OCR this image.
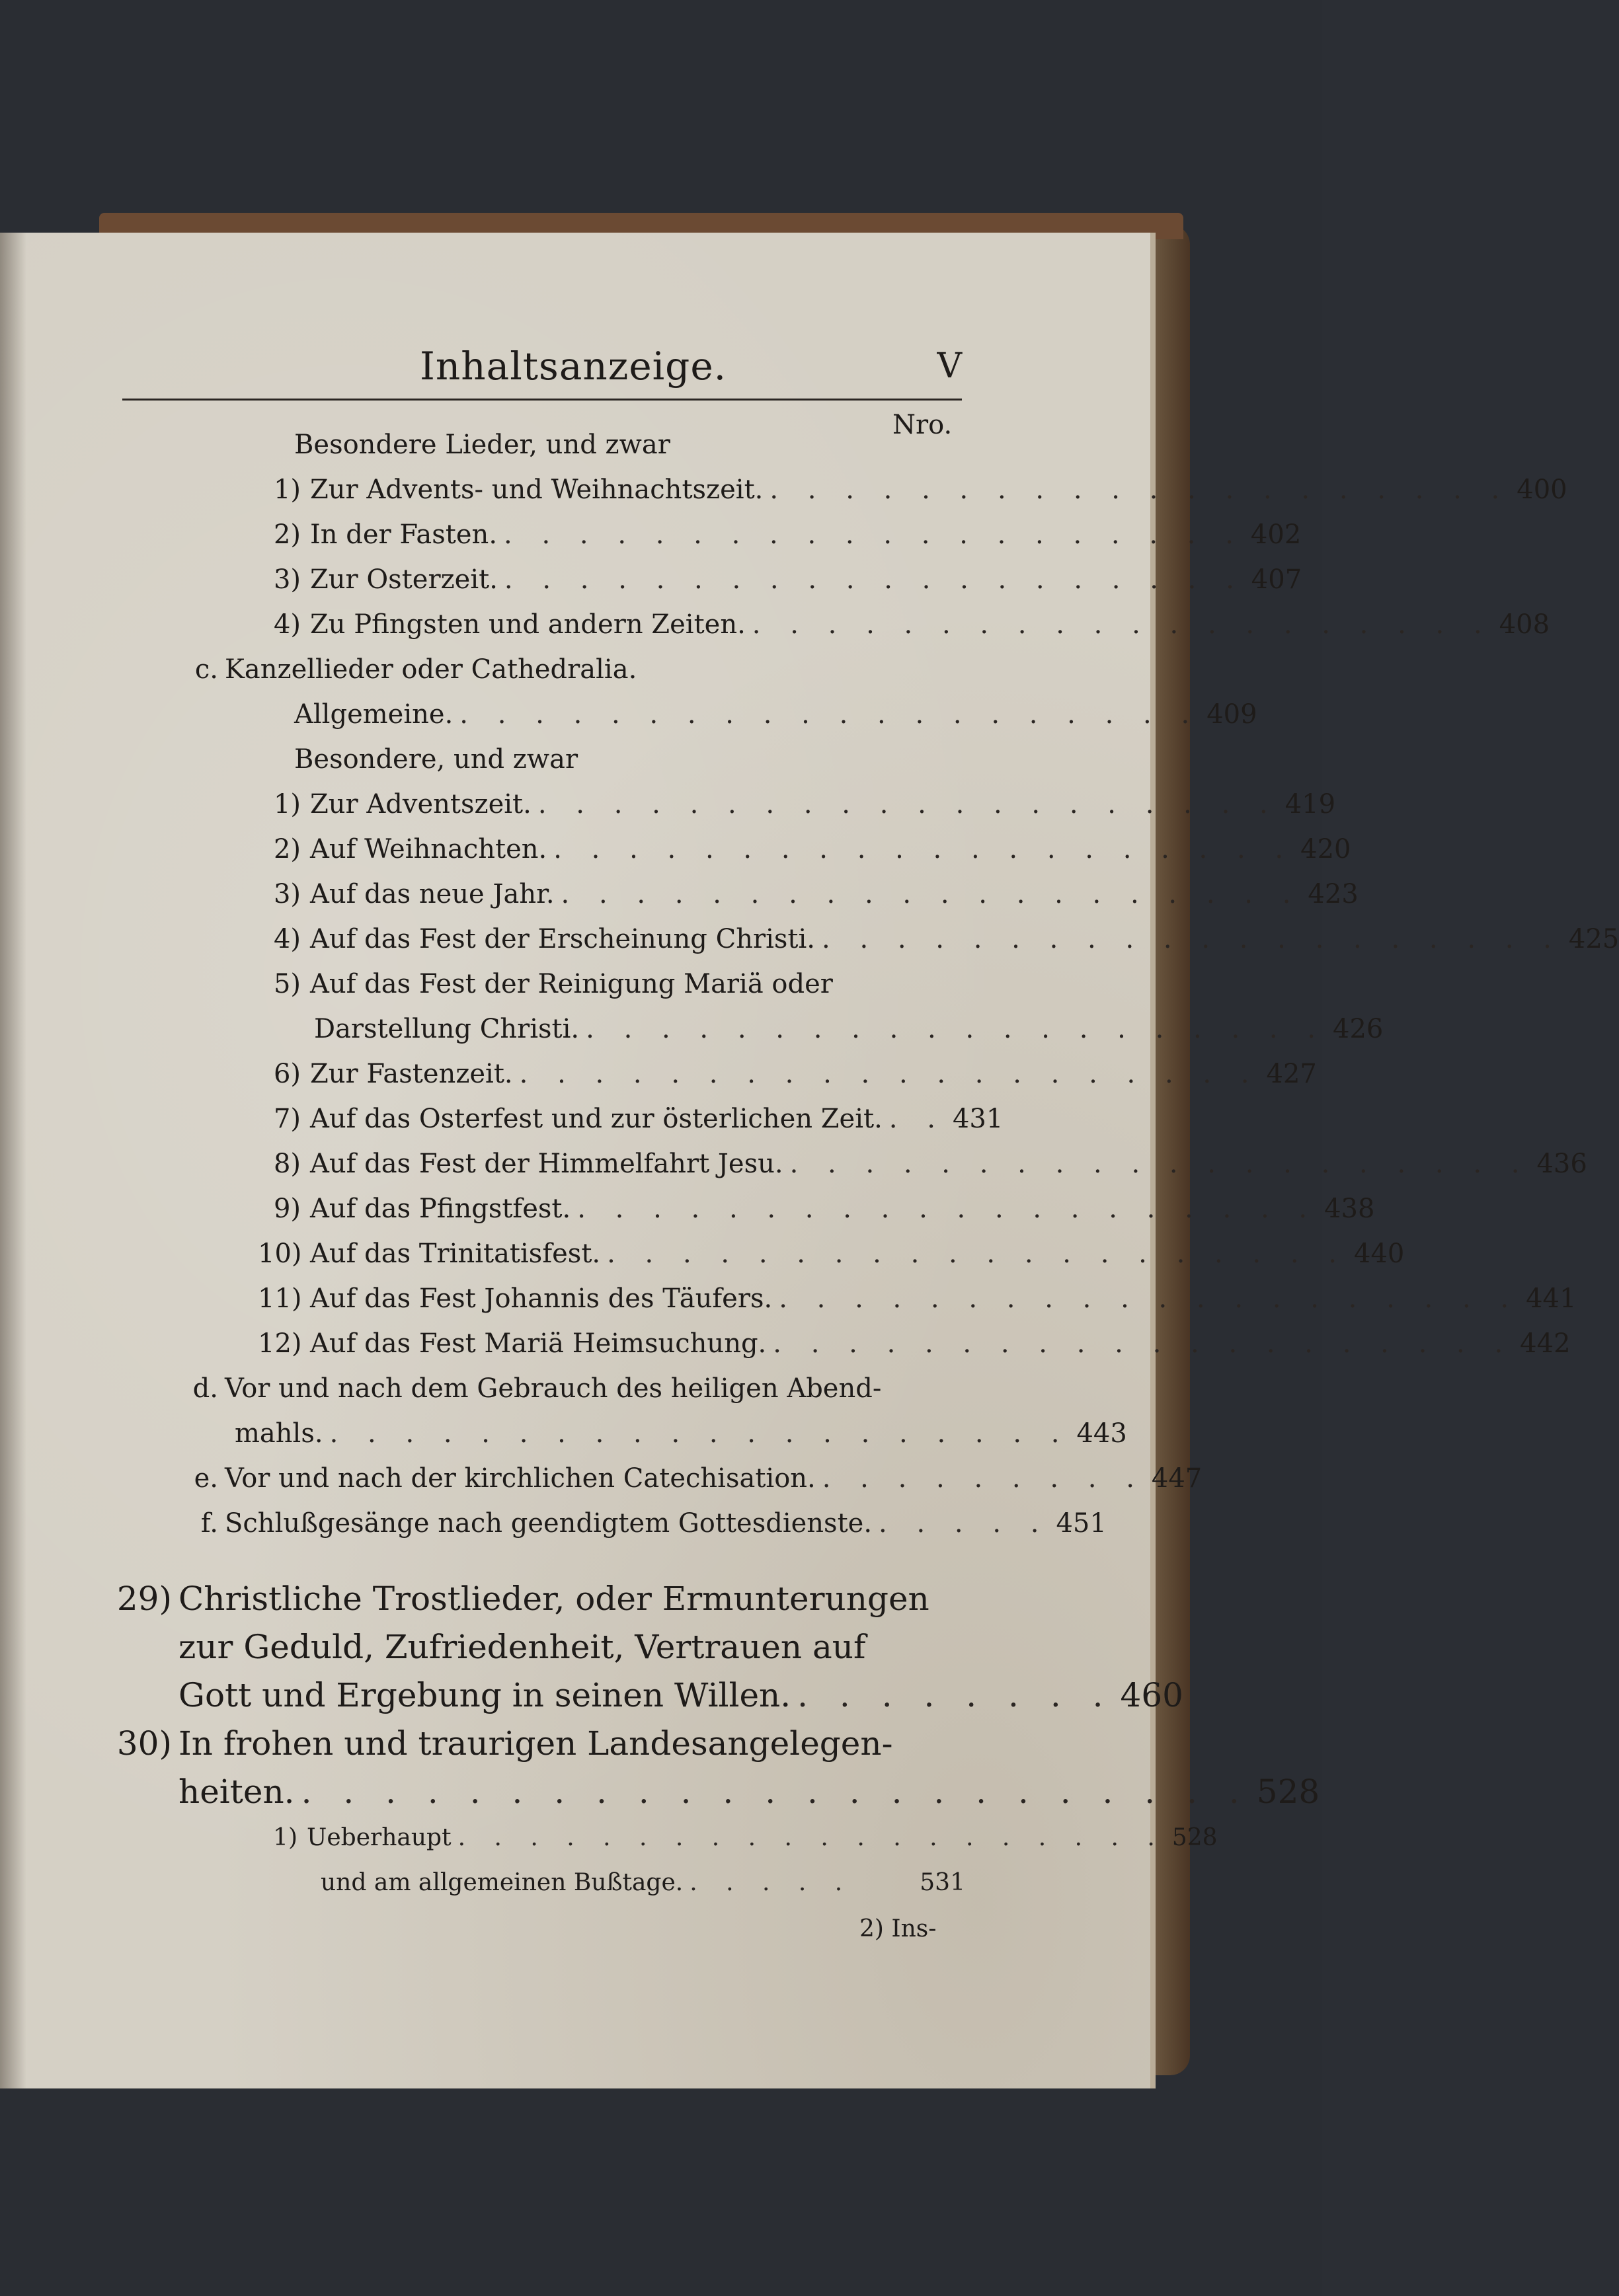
Inhaltsanzeige.	V
Nro.
Besondere Lieder, und zwar
1) Zur Advents- und Weihnachtszeit. . . . . . . . . . . . . . . . . . . . . 400
2) In der Fasten. . . . . . . . . . . . . . . . . . . . . 402
3) Zur Osterzeit. . . . . . . . . . . . . . . . . . . . . 407
4) Zu Pfingsten und andern Zeiten. . . . . . . . . . . . . . . . . . . . . 408
c. Kanzellieder oder Cathedralia.
Allgemeine. . . . . . . . . . . . . . . . . . . . . 409
Besondere, und zwar
1) Zur Adventszeit. . . . . . . . . . . . . . . . . . . . . 419
2) Auf Weihnachten. . . . . . . . . . . . . . . . . . . . . 420
3) Auf das neue Jahr. . . . . . . . . . . . . . . . . . . . . 423
4) Auf das Fest der Erscheinung Christi. . . . . . . . . . . . . . . . . . . . . 425
5) Auf das Fest der Reinigung Mariä oder
Darstellung Christi. . . . . . . . . . . . . . . . . . . . . 426
6) Zur Fastenzeit. . . . . . . . . . . . . . . . . . . . . 427
7) Auf das Osterfest und zur österlichen Zeit. . . 431
8) Auf das Fest der Himmelfahrt Jesu. . . . . . . . . . . . . . . . . . . . . 436
9) Auf das Pfingstfest. . . . . . . . . . . . . . . . . . . . . 438
10) Auf das Trinitatisfest. . . . . . . . . . . . . . . . . . . . . 440
11) Auf das Fest Johannis des Täufers. . . . . . . . . . . . . . . . . . . . . 441
12) Auf das Fest Mariä Heimsuchung. . . . . . . . . . . . . . . . . . . . . 442
d. Vor und nach dem Gebrauch des heiligen Abend-
mahls. . . . . . . . . . . . . . . . . . . . . 443
e. Vor und nach der kirchlichen Catechisation. . . . . . . . . . 447
f. Schlußgesänge nach geendigtem Gottesdienste. . . . . . 451
29) Christliche Trostlieder, oder Ermunterungen
zur Geduld, Zufriedenheit, Vertrauen auf
Gott und Ergebung in seinen Willen. . . . . . . . . 460
30) In frohen und traurigen Landesangelegen-
heiten. . . . . . . . . . . . . . . . . . . . . . . . 528
1) Ueberhaupt . . . . . . . . . . . . . . . . . . . . 528
und am allgemeinen Bußtage. . . . . .	531
2) Ins-
